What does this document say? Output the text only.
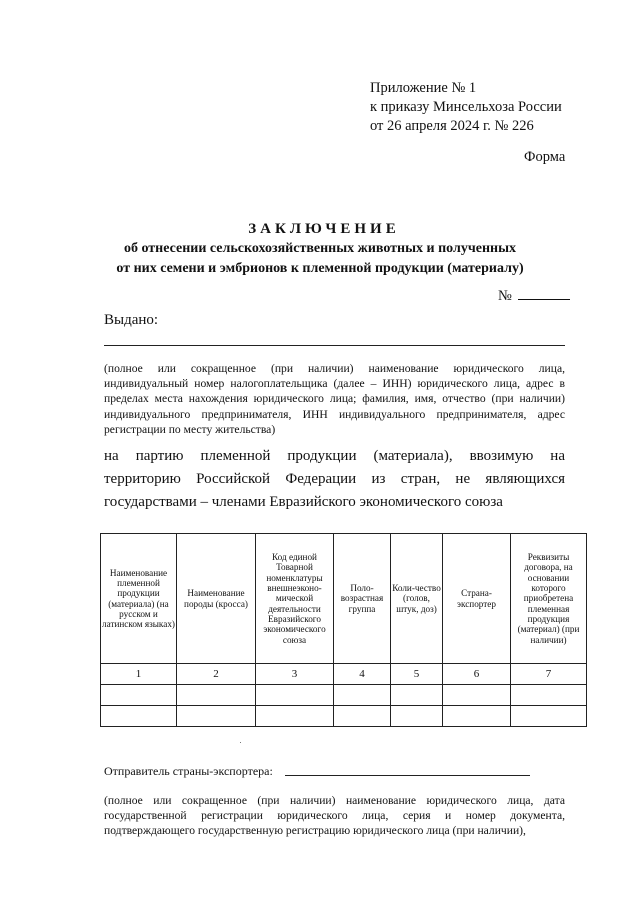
Приложение № 1
к приказу Минсельхоза России
от 26 апреля 2024 г. № 226
Форма
ЗАКЛЮЧЕНИЕ
об отнесении сельскохозяйственных животных и полученных
от них семени и эмбрионов к племенной продукции (материалу)
№
Выдано:
(полное или сокращенное (при наличии) наименование юридического лица, индивидуальный номер налогоплательщика (далее – ИНН) юридического лица, адрес в пределах места нахождения юридического лица; фамилия, имя, отчество (при наличии) индивидуального предпринимателя, ИНН индивидуального предпринимателя, адрес регистрации по месту жительства)
на партию племенной продукции (материала), ввозимую на территорию Российской Федерации из стран, не являющихся государствами – членами Евразийского экономического союза
Наименование племенной продукции (материала) (на русском и латинском языках)	Наименование породы (кросса)	Код единой Товарной номенклатуры внешнеэконо-мической деятельности Евразийского экономического союза	Поло-возрастная группа	Коли-чество (голов, штук, доз)	Страна-экспортер	Реквизиты договора, на основании которого приобретена племенная продукция (материал) (при наличии)
1	2	3	4	5	6	7

Отправитель страны-экспортера:
(полное или сокращенное (при наличии) наименование юридического лица, дата государственной регистрации юридического лица, серия и номер документа, подтверждающего государственную регистрацию юридического лица (при наличии),
